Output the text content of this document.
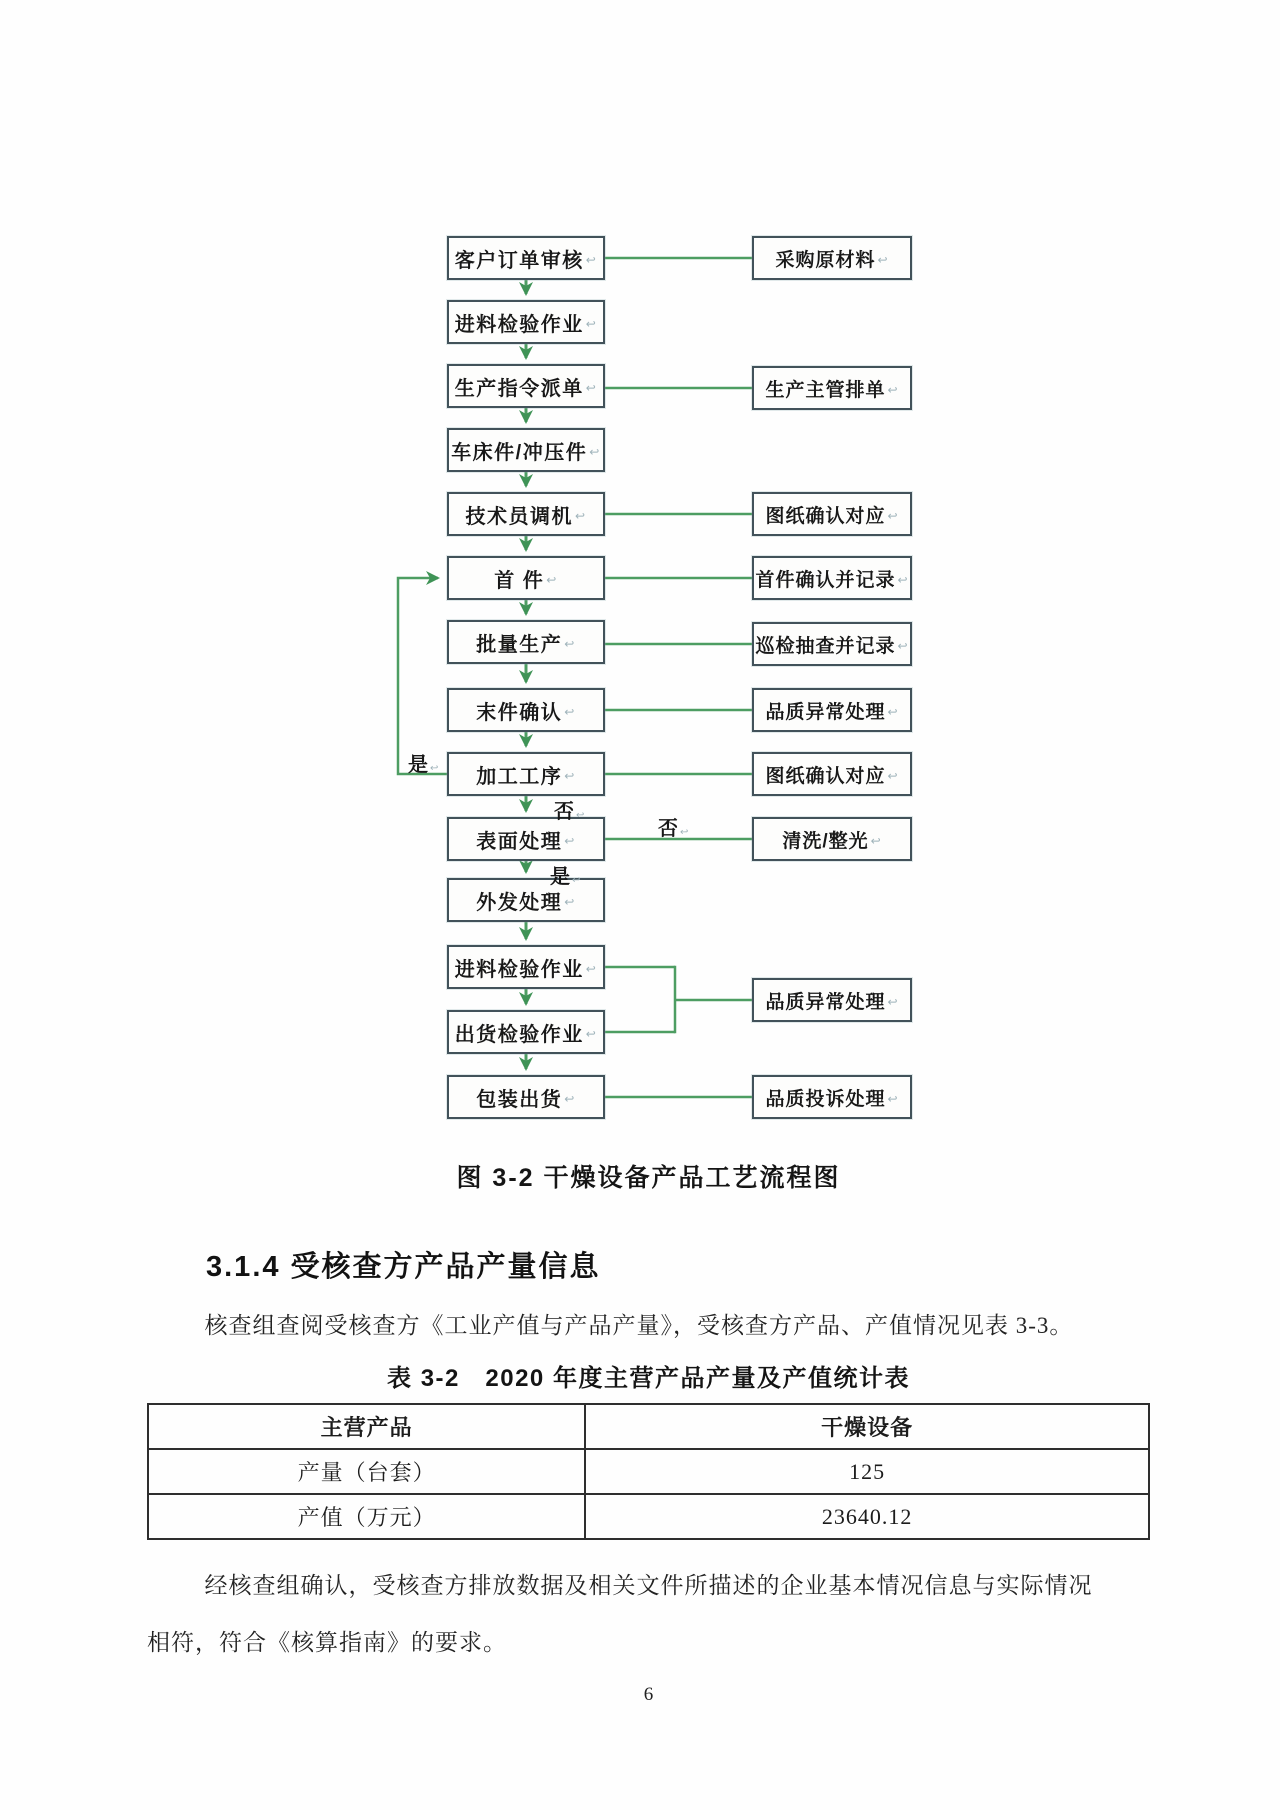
客户订单审核 ↩
进料检验作业 ↩
生产指令派单 ↩
车床件/冲压件 ↩
技术员调机 ↩
首 件 ↩
批量生产 ↩
末件确认 ↩
加工工序 ↩
表面处理 ↩
外发处理 ↩
进料检验作业 ↩
出货检验作业 ↩
包装出货 ↩
采购原材料 ↩
生产主管排单 ↩
图纸确认对应 ↩
首件确认并记录 ↩
巡检抽查并记录 ↩
品质异常处理 ↩
图纸确认对应 ↩
清洗/整光 ↩
品质异常处理 ↩
品质投诉处理 ↩
是 ↩
否 ↩
否 ↩
是 ↩
图 3-2 干燥设备产品工艺流程图
3.1.4 受核查方产品产量信息
核查组查阅受核查方《工业产值与产品产量》，受核查方产品、产值情况见表 3-3。
表 3-2　2020 年度主营产品产量及产值统计表
主营产品	干燥设备
产量（台套）	125
产值（万元）	23640.12
经核查组确认，受核查方排放数据及相关文件所描述的企业基本情况信息与实际情况
相符，符合《核算指南》的要求。
6
